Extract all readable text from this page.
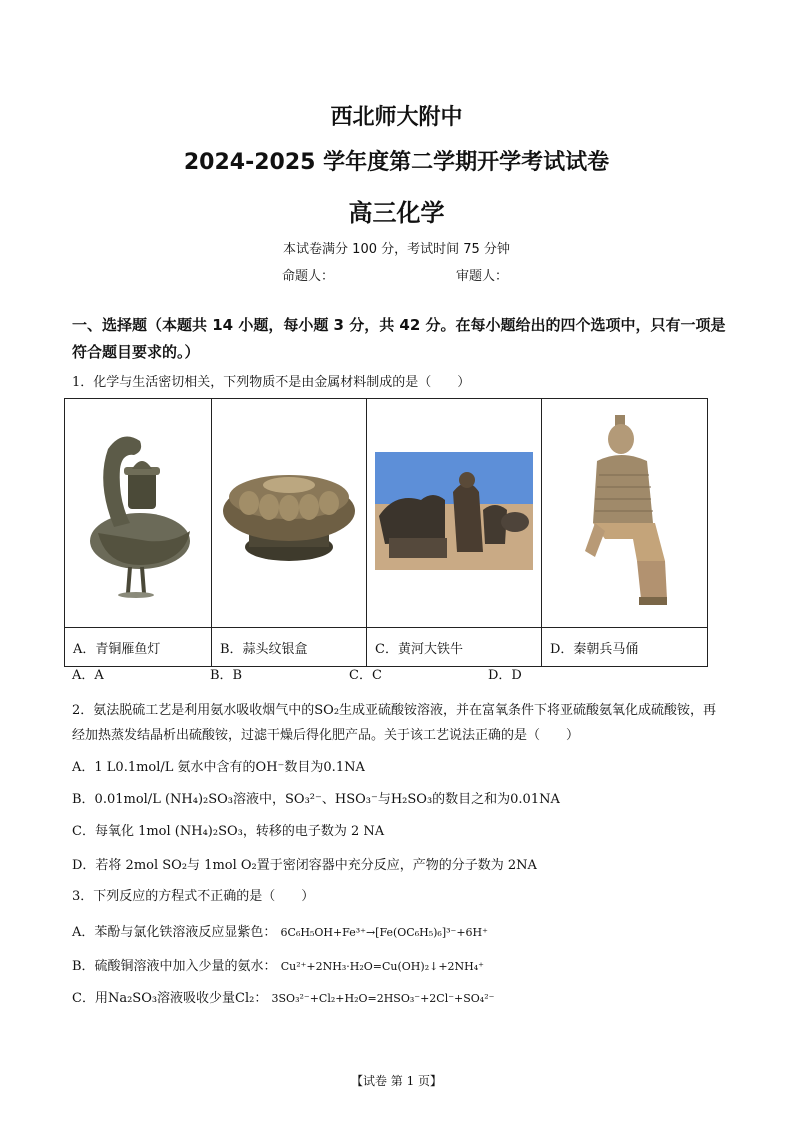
西北师大附中
2024-2025 学年度第二学期开学考试试卷
高三化学
本试卷满分 100 分，考试时间 75 分钟
命题人：	审题人：
一、选择题（本题共 14 小题，每小题 3 分，共 42 分。在每小题给出的四个选项中，只有一项是符合题目要求的。）
1．化学与生活密切相关，下列物质不是由金属材料制成的是（　　）

A．青铜雁鱼灯	B．蒜头纹银盒	C．黄河大铁牛	D．秦朝兵马俑
A．A	B．B	C．C	D．D
2．氨法脱硫工艺是利用氨水吸收烟气中的SO₂生成亚硫酸铵溶液，并在富氧条件下将亚硫酸氨氧化成硫酸铵，再经加热蒸发结晶析出硫酸铵，过滤干燥后得化肥产品。关于该工艺说法正确的是（　　）
A．1 L0.1mol/L 氨水中含有的OH⁻数目为0.1NA
B．0.01mol/L (NH₄)₂SO₃溶液中，SO₃²⁻、HSO₃⁻与H₂SO₃的数目之和为0.01NA
C．每氧化 1mol (NH₄)₂SO₃，转移的电子数为 2 NA
D．若将 2mol SO₂与 1mol O₂置于密闭容器中充分反应，产物的分子数为 2NA
3．下列反应的方程式不正确的是（　　）
A．苯酚与氯化铁溶液反应显紫色： 6C₆H₅OH+Fe³⁺→[Fe(OC₆H₅)₆]³⁻+6H⁺
B．硫酸铜溶液中加入少量的氨水： Cu²⁺+2NH₃·H₂O=Cu(OH)₂↓+2NH₄⁺
C．用Na₂SO₃溶液吸收少量Cl₂： 3SO₃²⁻+Cl₂+H₂O=2HSO₃⁻+2Cl⁻+SO₄²⁻
【试卷 第 1 页】
